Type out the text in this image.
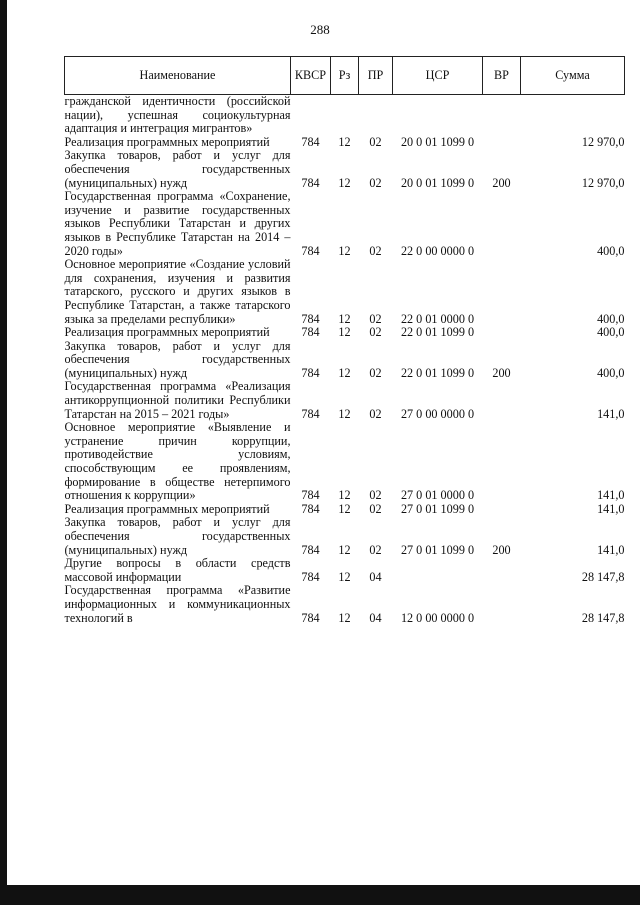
288
Наименование	КВСР	Рз	ПР	ЦСР	ВР	Сумма
гражданской идентичности (российской нации), успешная социокультурная адаптация и интеграция мигрантов»						
Реализация программных мероприятий	784	12	02	20 0 01 1099 0		12 970,0
Закупка товаров, работ и услуг для обеспечения государственных (муниципальных) нужд	784	12	02	20 0 01 1099 0	200	12 970,0
Государственная программа «Сохранение, изучение и развитие государственных языков Республики Татарстан и других языков в Республике Татарстан на 2014 – 2020 годы»	784	12	02	22 0 00 0000 0		400,0
Основное мероприятие «Создание условий для сохранения, изучения и развития татарского, русского и других языков в Республике Татарстан, а также татарского языка за пределами республики»	784	12	02	22 0 01 0000 0		400,0
Реализация программных мероприятий	784	12	02	22 0 01 1099 0		400,0
Закупка товаров, работ и услуг для обеспечения государственных (муниципальных) нужд	784	12	02	22 0 01 1099 0	200	400,0
Государственная программа «Реализация антикоррупционной политики Республики Татарстан на 2015 – 2021 годы»	784	12	02	27 0 00 0000 0		141,0
Основное мероприятие «Выявление и устранение причин коррупции, противодействие условиям, способствующим ее проявлениям, формирование в обществе нетерпимого отношения к коррупции»	784	12	02	27 0 01 0000 0		141,0
Реализация программных мероприятий	784	12	02	27 0 01 1099 0		141,0
Закупка товаров, работ и услуг для обеспечения государственных (муниципальных) нужд	784	12	02	27 0 01 1099 0	200	141,0
Другие вопросы в области средств массовой информации	784	12	04			28 147,8
Государственная программа «Развитие информационных и коммуникационных технологий в	784	12	04	12 0 00 0000 0		28 147,8
